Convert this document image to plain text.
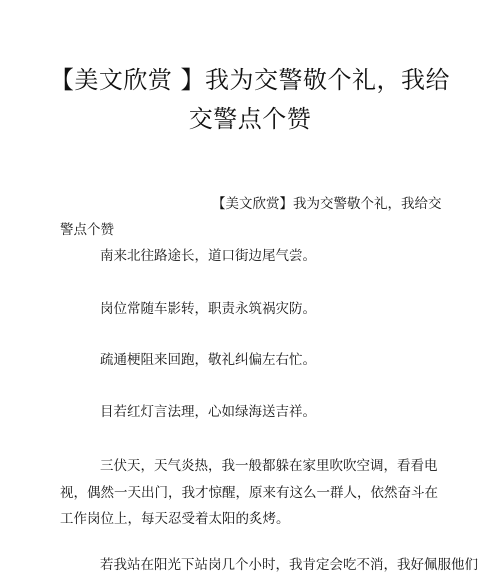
【美文欣赏 】我为交警敬个礼，我给
交警点个赞
【美文欣赏】我为交警敬个礼，我给交
警点个赞
南来北往路途长，道口街边尾气尝。
岗位常随车影转，职责永筑祸灾防。
疏通梗阻来回跑，敬礼纠偏左右忙。
目若红灯言法理，心如绿海送吉祥。
三伏天，天气炎热，我一般都躲在家里吹吹空调，看看电
视，偶然一天出门，我才惊醒，原来有这么一群人，依然奋斗在
工作岗位上，每天忍受着太阳的炙烤。
若我站在阳光下站岗几个小时，我肯定会吃不消，我好佩服他们
